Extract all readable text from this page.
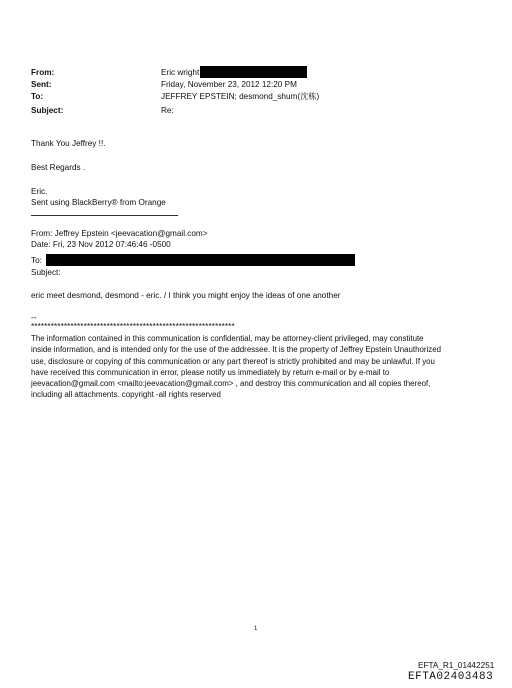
From:	Eric wright
Sent:	Friday, November 23, 2012 12:20 PM
To:	JEFFREY EPSTEIN; desmond_shum(沈栋)
Subject:	Re:
Thank You Jeffrey !!.
Best Regards .
Eric.
Sent using BlackBerry® from Orange
From: Jeffrey Epstein <jeevacation@gmail.com>
Date: Fri, 23 Nov 2012 07:46:46 -0500
To:
Subject:
eric meet desmond, desmond - eric. / I think you might enjoy the ideas of one another
--
**************************************************************
The information contained in this communication is confidential, may be attorney-client privileged, may constitute
inside information, and is intended only for the use of the addressee. It is the property of Jeffrey Epstein Unauthorized
use, disclosure or copying of this communication or any part thereof is strictly prohibited and may be unlawful. If you
have received this communication in error, please notify us immediately by return e-mail or by e-mail to
jeevacation@gmail.com <mailto:jeevacation@gmail.com> , and destroy this communication and all copies thereof,
including all attachments. copyright -all rights reserved
1
EFTA_R1_01442251
EFTA02403483
